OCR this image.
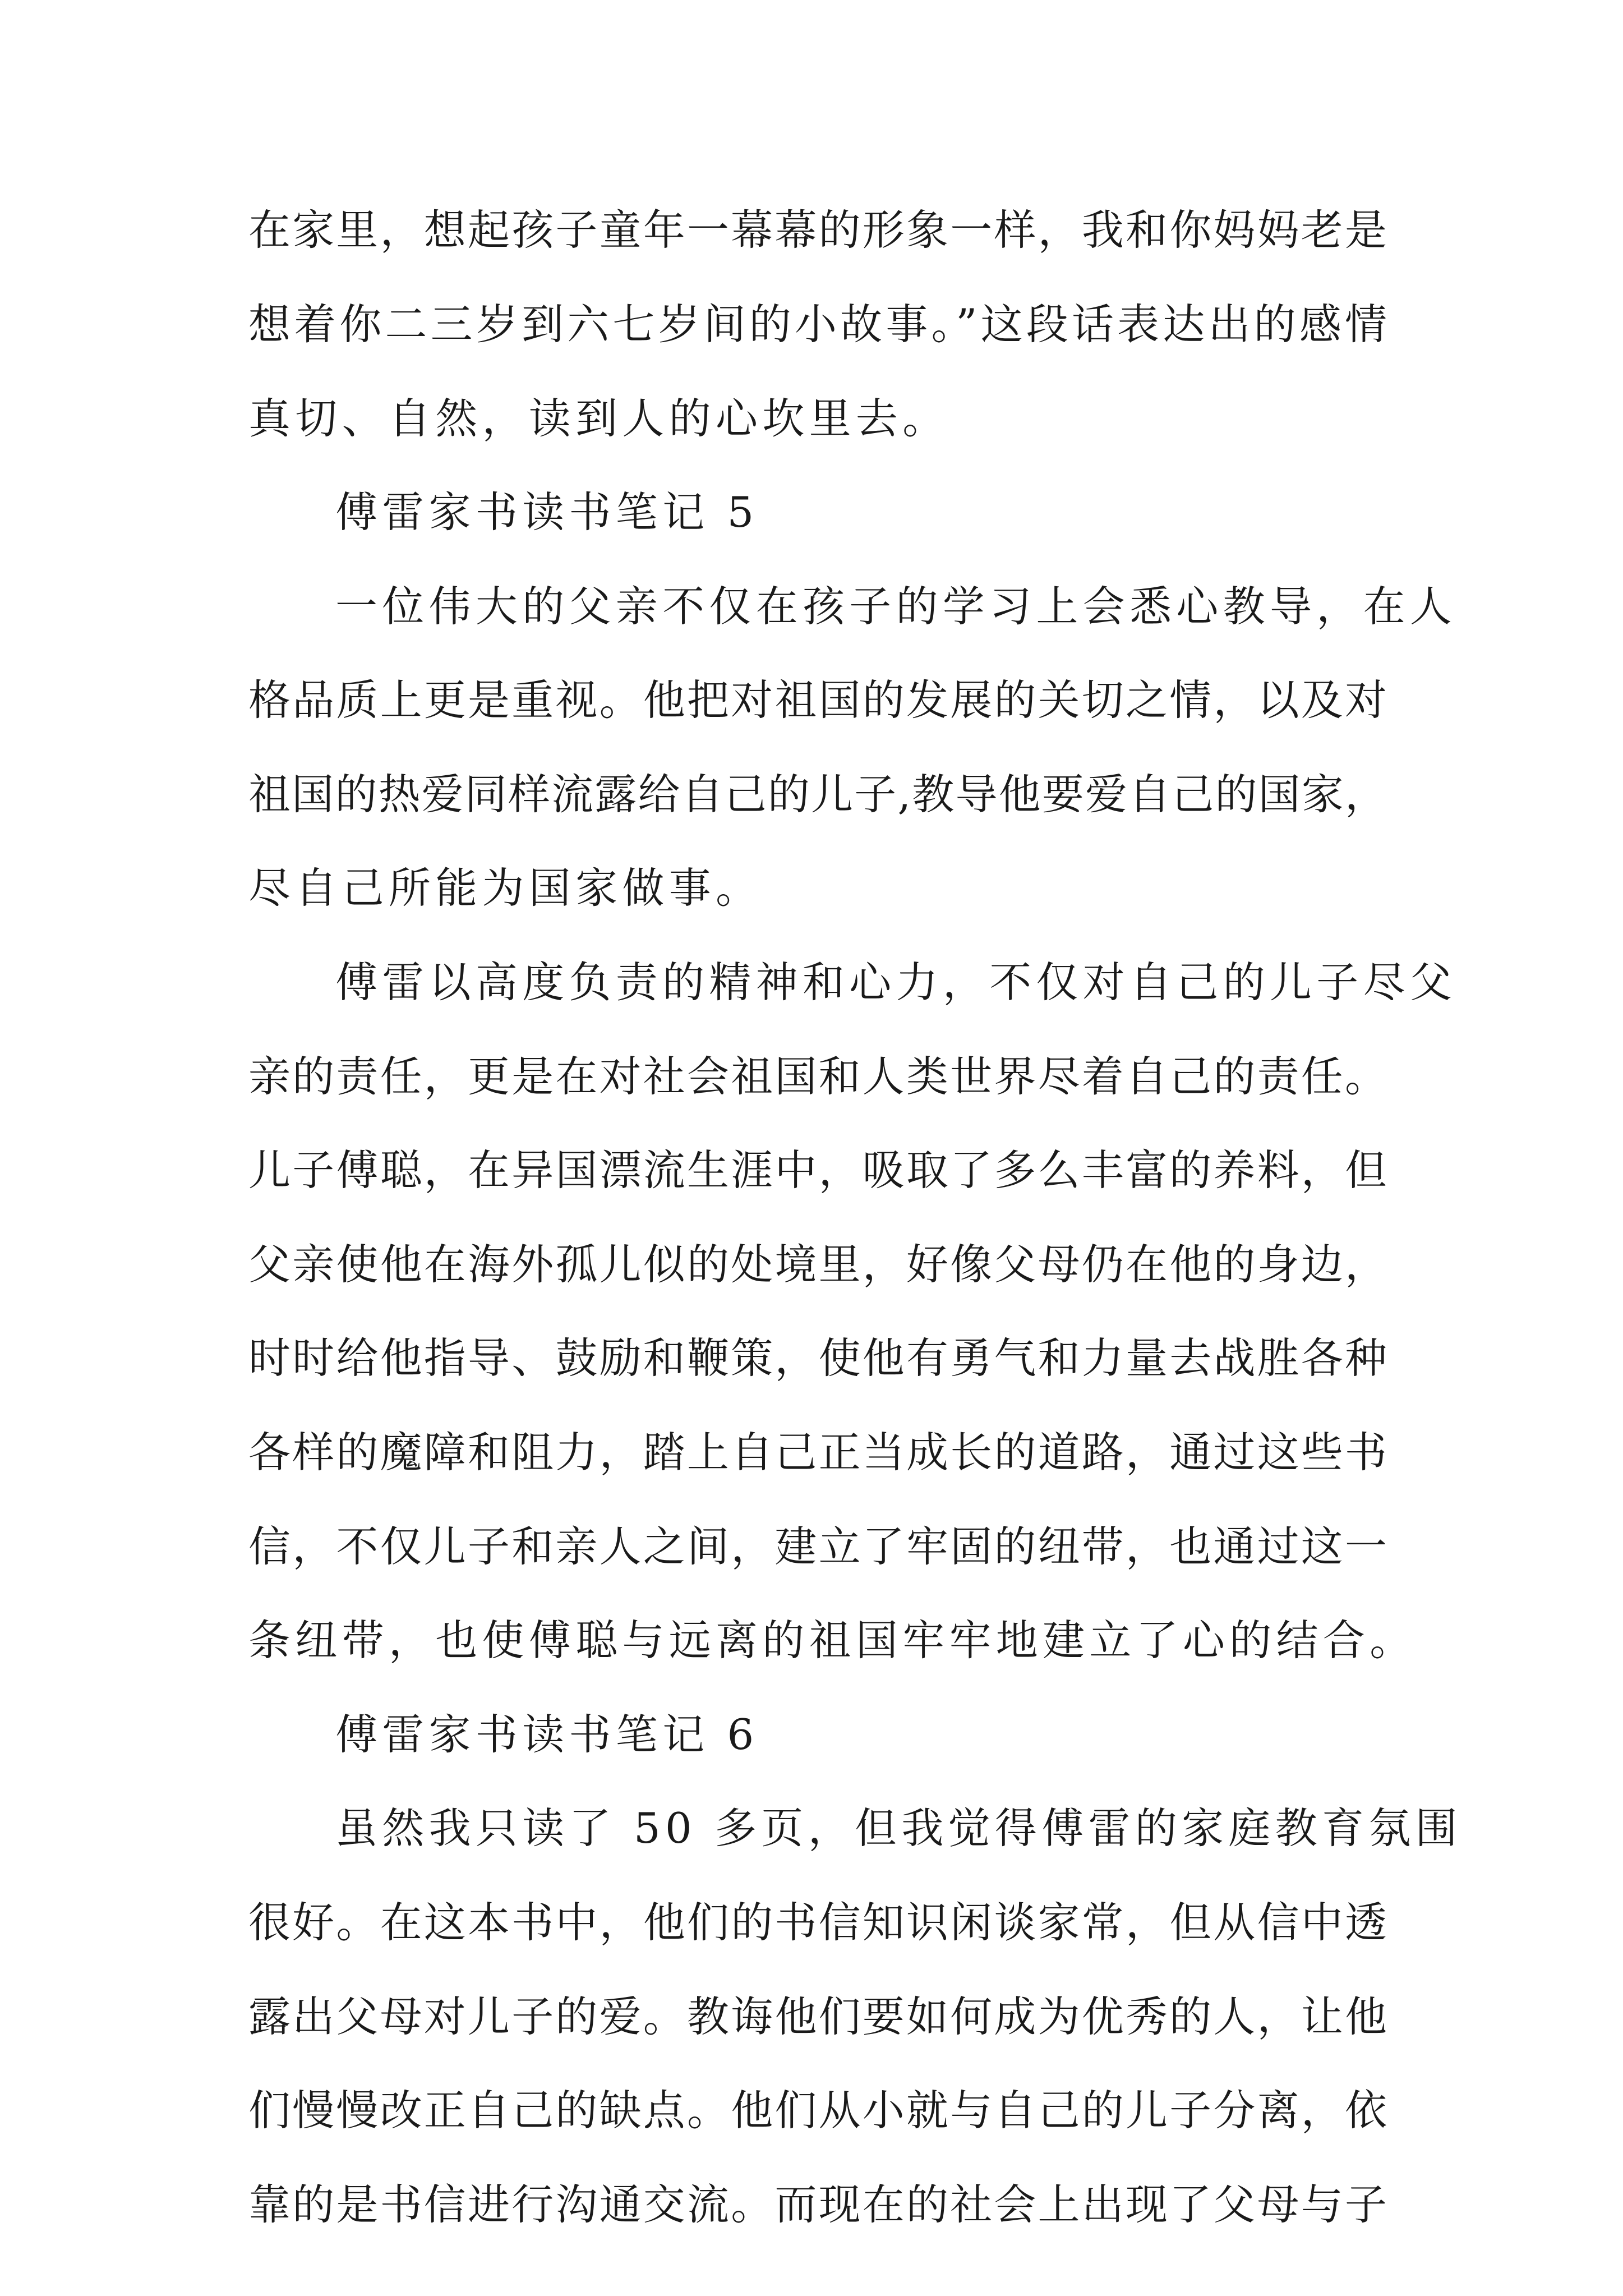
在家里，想起孩子童年一幕幕的形象一样，我和你妈妈老是
想着你二三岁到六七岁间的小故事。”这段话表达出的感情
真切、自然，读到人的心坎里去。
傅雷家书读书笔记 5
一位伟大的父亲不仅在孩子的学习上会悉心教导，在人
格品质上更是重视。他把对祖国的发展的关切之情，以及对
祖国的热爱同样流露给自己的儿子,教导他要爱自己的国家，
尽自己所能为国家做事。
傅雷以高度负责的精神和心力，不仅对自己的儿子尽父
亲的责任，更是在对社会祖国和人类世界尽着自己的责任。
儿子傅聪，在异国漂流生涯中，吸取了多么丰富的养料，但
父亲使他在海外孤儿似的处境里，好像父母仍在他的身边，
时时给他指导、鼓励和鞭策，使他有勇气和力量去战胜各种
各样的魔障和阻力，踏上自己正当成长的道路，通过这些书
信，不仅儿子和亲人之间，建立了牢固的纽带，也通过这一
条纽带，也使傅聪与远离的祖国牢牢地建立了心的结合。
傅雷家书读书笔记 6
虽然我只读了 50 多页，但我觉得傅雷的家庭教育氛围
很好。在这本书中，他们的书信知识闲谈家常，但从信中透
露出父母对儿子的爱。教诲他们要如何成为优秀的人，让他
们慢慢改正自己的缺点。他们从小就与自己的儿子分离，依
靠的是书信进行沟通交流。而现在的社会上出现了父母与子
